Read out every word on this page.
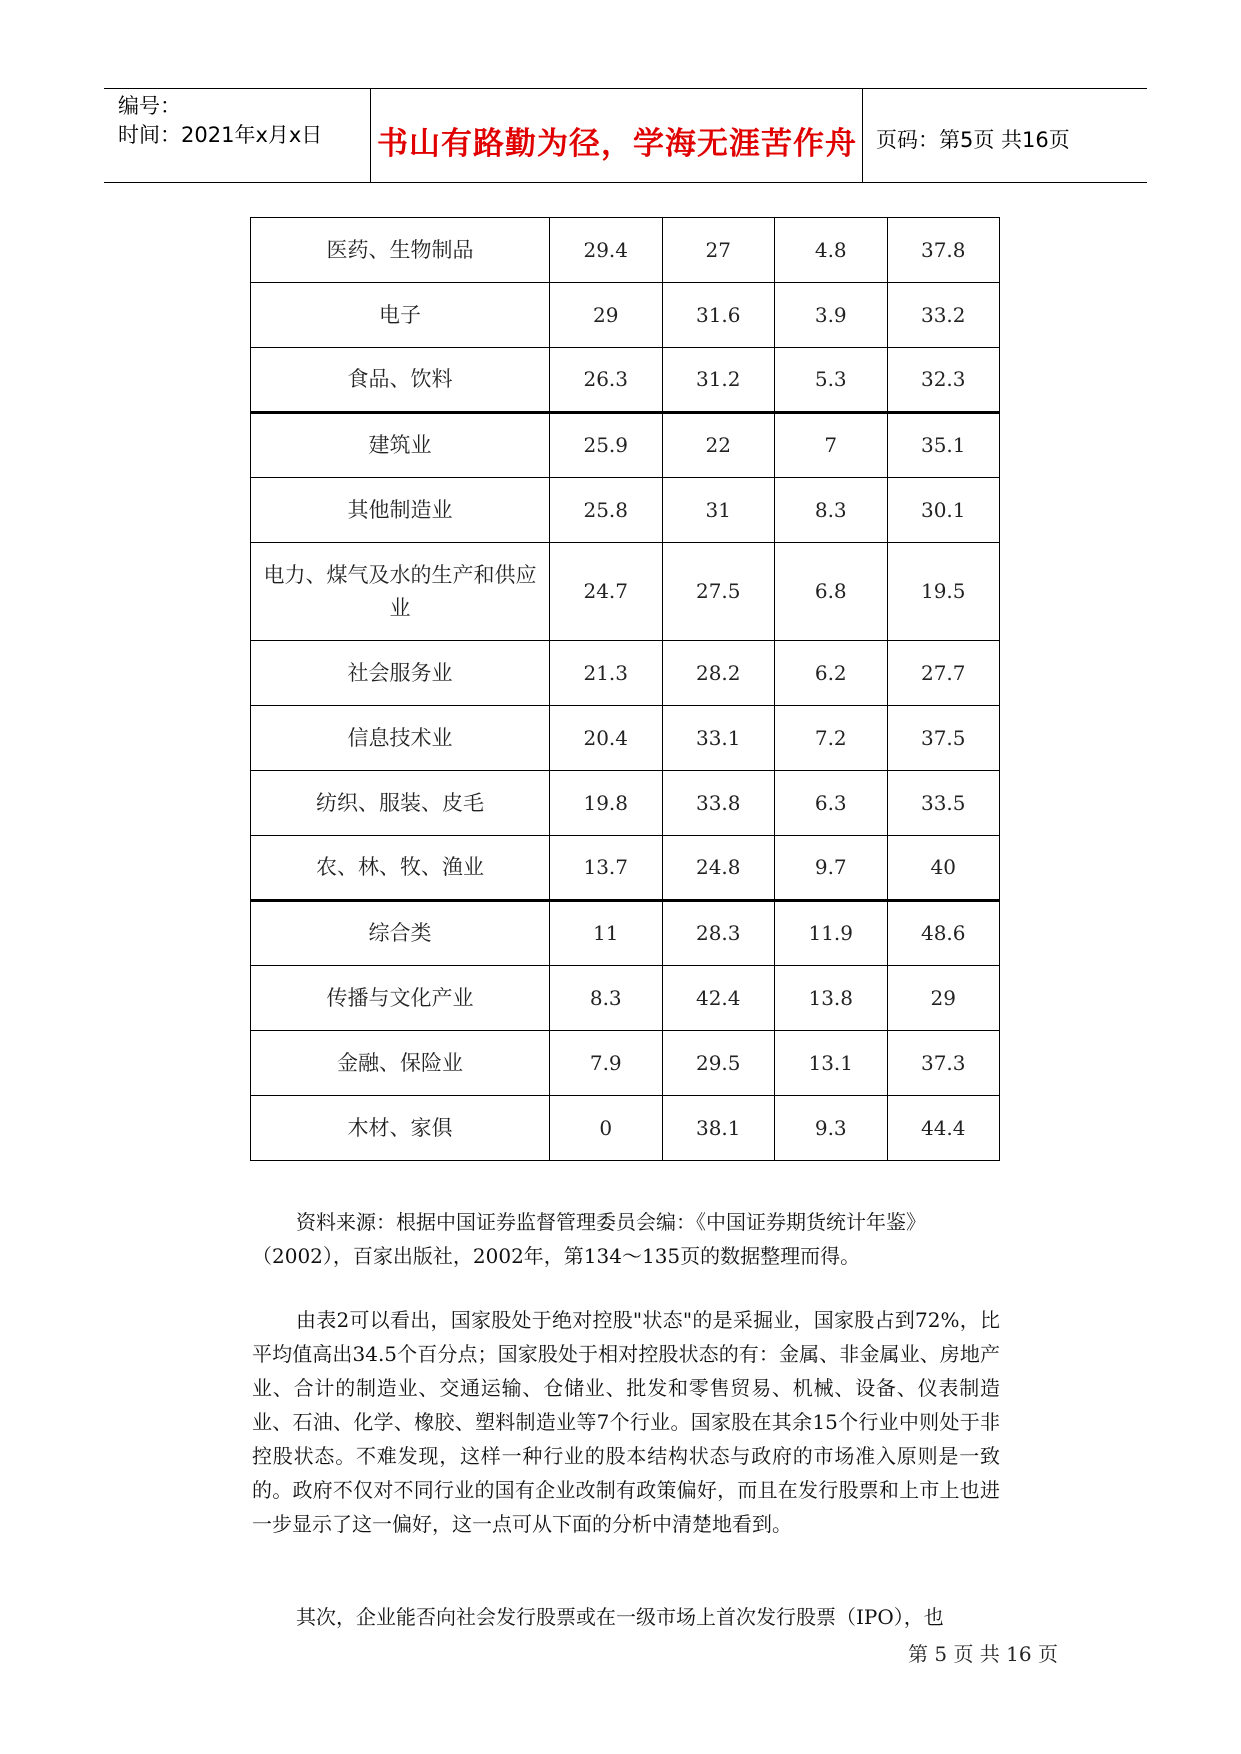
编号：
时间：2021年x月x日 书山有路勤为径，学海无涯苦作舟 页码：第5页 共16页
医药、生物制品	29.4	27	4.8	37.8
电子	29	31.6	3.9	33.2
食品、饮料	26.3	31.2	5.3	32.3
建筑业	25.9	22	7	35.1
其他制造业	25.8	31	8.3	30.1
电力、煤气及水的生产和供应业	24.7	27.5	6.8	19.5
社会服务业	21.3	28.2	6.2	27.7
信息技术业	20.4	33.1	7.2	37.5
纺织、服装、皮毛	19.8	33.8	6.3	33.5
农、林、牧、渔业	13.7	24.8	9.7	40
综合类	11	28.3	11.9	48.6
传播与文化产业	8.3	42.4	13.8	29
金融、保险业	7.9	29.5	13.1	37.3
木材、家俱	0	38.1	9.3	44.4
资料来源：根据中国证券监督管理委员会编：《中国证券期货统计年鉴》（2002），百家出版社，2002年，第134～135页的数据整理而得。
由表2可以看出，国家股处于绝对控股"状态"的是采掘业，国家股占到72%，比平均值高出34.5个百分点；国家股处于相对控股状态的有：金属、非金属业、房地产业、合计的制造业、交通运输、仓储业、批发和零售贸易、机械、设备、仪表制造业、石油、化学、橡胶、塑料制造业等7个行业。国家股在其余15个行业中则处于非控股状态。不难发现，这样一种行业的股本结构状态与政府的市场准入原则是一致的。政府不仅对不同行业的国有企业改制有政策偏好，而且在发行股票和上市上也进一步显示了这一偏好，这一点可从下面的分析中清楚地看到。
其次，企业能否向社会发行股票或在一级市场上首次发行股票（IPO），也
第 5 页 共 16 页
